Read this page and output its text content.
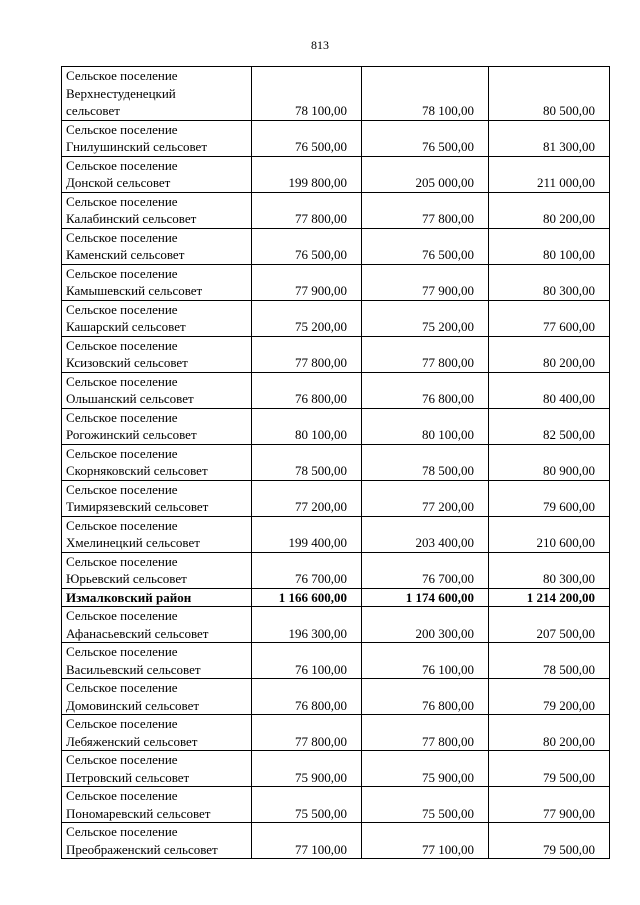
813
Сельское поселение
Верхнестуденецкий
сельсовет	78 100,00	78 100,00	80 500,00

Сельское поселение
Гнилушинский сельсовет	76 500,00	76 500,00	81 300,00

Сельское поселение
Донской сельсовет	199 800,00	205 000,00	211 000,00

Сельское поселение
Калабинский сельсовет	77 800,00	77 800,00	80 200,00

Сельское поселение
Каменский сельсовет	76 500,00	76 500,00	80 100,00

Сельское поселение
Камышевский сельсовет	77 900,00	77 900,00	80 300,00

Сельское поселение
Кашарский сельсовет	75 200,00	75 200,00	77 600,00

Сельское поселение
Ксизовский сельсовет	77 800,00	77 800,00	80 200,00

Сельское поселение
Ольшанский сельсовет	76 800,00	76 800,00	80 400,00

Сельское поселение
Рогожинский сельсовет	80 100,00	80 100,00	82 500,00

Сельское поселение
Скорняковский сельсовет	78 500,00	78 500,00	80 900,00

Сельское поселение
Тимирязевский сельсовет	77 200,00	77 200,00	79 600,00

Сельское поселение
Хмелинецкий сельсовет	199 400,00	203 400,00	210 600,00

Сельское поселение
Юрьевский сельсовет	76 700,00	76 700,00	80 300,00

Измалковский район	1 166 600,00	1 174 600,00	1 214 200,00

Сельское поселение
Афанасьевский сельсовет	196 300,00	200 300,00	207 500,00

Сельское поселение
Васильевский сельсовет	76 100,00	76 100,00	78 500,00

Сельское поселение
Домовинский сельсовет	76 800,00	76 800,00	79 200,00

Сельское поселение
Лебяженский сельсовет	77 800,00	77 800,00	80 200,00

Сельское поселение
Петровский сельсовет	75 900,00	75 900,00	79 500,00

Сельское поселение
Пономаревский сельсовет	75 500,00	75 500,00	77 900,00

Сельское поселение
Преображенский сельсовет	77 100,00	77 100,00	79 500,00
